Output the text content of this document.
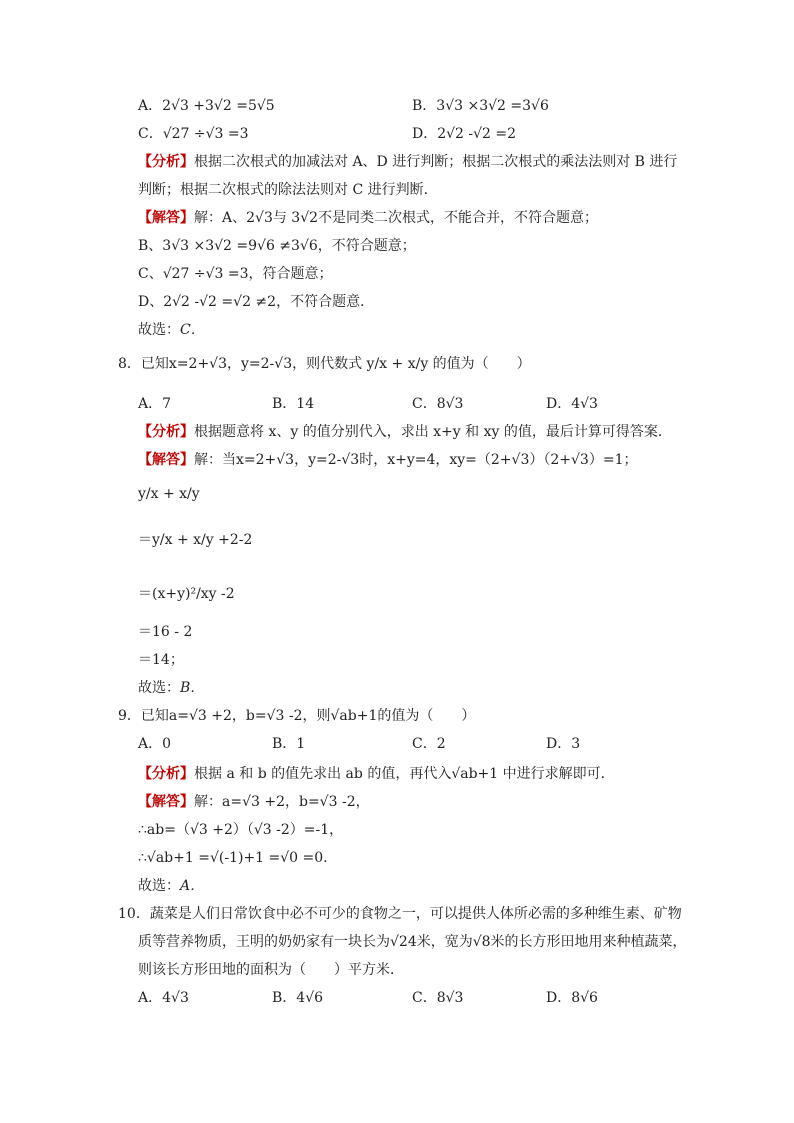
A．2√3 +3√2 =5√5	B．3√3 ×3√2 =3√6
C．√27 ÷√3 =3	D．2√2 -√2 =2
【分析】根据二次根式的加减法对 A、D 进行判断；根据二次根式的乘法法则对 B 进行
判断；根据二次根式的除法法则对 C 进行判断．
【解答】解：A、2√3与 3√2不是同类二次根式，不能合并，不符合题意；
B、3√3 ×3√2 =9√6 ≠3√6，不符合题意；
C、√27 ÷√3 =3，符合题意；
D、2√2 -√2 =√2 ≠2，不符合题意．
故选：C．
8．已知x=2+√3，y=2-√3，则代数式 y/x + x/y 的值为（　　）
A．7	B．14	C．8√3	D．4√3
【分析】根据题意将 x、y 的值分别代入，求出 x+y 和 xy 的值，最后计算可得答案．
【解答】解：当x=2+√3，y=2-√3时，x+y=4，xy=（2+√3）（2+√3）=1；
y/x + x/y
＝y/x + x/y +2-2
＝(x+y)²/xy -2
＝16 - 2
＝14；
故选：B．
9．已知a=√3 +2，b=√3 -2，则√ab+1的值为（　　）
A．0	B．1	C．2	D．3
【分析】根据 a 和 b 的值先求出 ab 的值，再代入√ab+1 中进行求解即可．
【解答】解：a=√3 +2，b=√3 -2，
∴ab=（√3 +2）（√3 -2）=-1，
∴√ab+1 =√(-1)+1 =√0 =0.
故选：A．
10．蔬菜是人们日常饮食中必不可少的食物之一，可以提供人体所必需的多种维生素、矿物
质等营养物质，王明的奶奶家有一块长为√24米，宽为√8米的长方形田地用来种植蔬菜，
则该长方形田地的面积为（　　）平方米．
A．4√3	B．4√6	C．8√3	D．8√6
